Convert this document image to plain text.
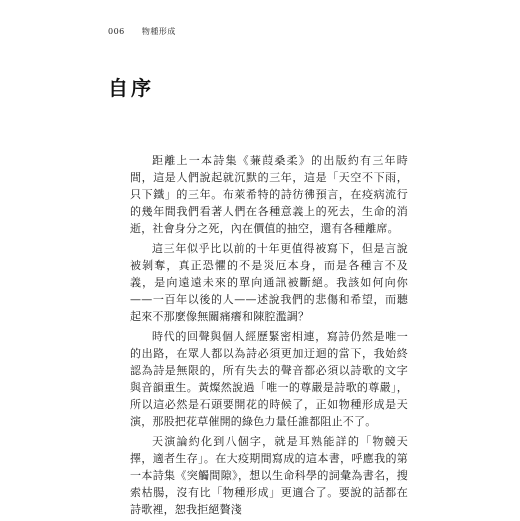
006 物種形成
自序

距離上一本詩集《蒹葭桑柔》的出版約有三年時間，這是人們說起就沉默的三年，這是「天空不下雨，只下鐵」的三年。布萊希特的詩彷彿預言，在疫病流行的幾年間我們看著人們在各種意義上的死去，生命的消逝，社會身分之死，內在價值的抽空，還有各種離席。

這三年似乎比以前的十年更值得被寫下，但是言說被剝奪，真正恐懼的不是災厄本身，而是各種言不及義，是向遠遠未來的單向通訊被斷絕。我該如何向你——一百年以後的人——述說我們的悲傷和希望，而聽起來不那麼像無關痛癢和陳腔濫調？

時代的回聲與個人經歷緊密相連，寫詩仍然是唯一的出路，在眾人都以為詩必須更加迂迴的當下，我始終認為詩是無限的，所有失去的聲音都必須以詩歌的文字與音韻重生。黃燦然說過「唯一的尊嚴是詩歌的尊嚴」，所以這必然是石頭要開花的時候了，正如物種形成是天演，那股把花草催開的綠色力量任誰都阻止不了。

天演論約化到八個字，就是耳熟能詳的「物競天擇，適者生存」。在大疫期間寫成的這本書，呼應我的第一本詩集《突觸間隙》，想以生命科學的詞彙為書名，搜索枯腸，沒有比「物種形成」更適合了。要說的話都在詩歌裡，恕我拒絕贅淺
